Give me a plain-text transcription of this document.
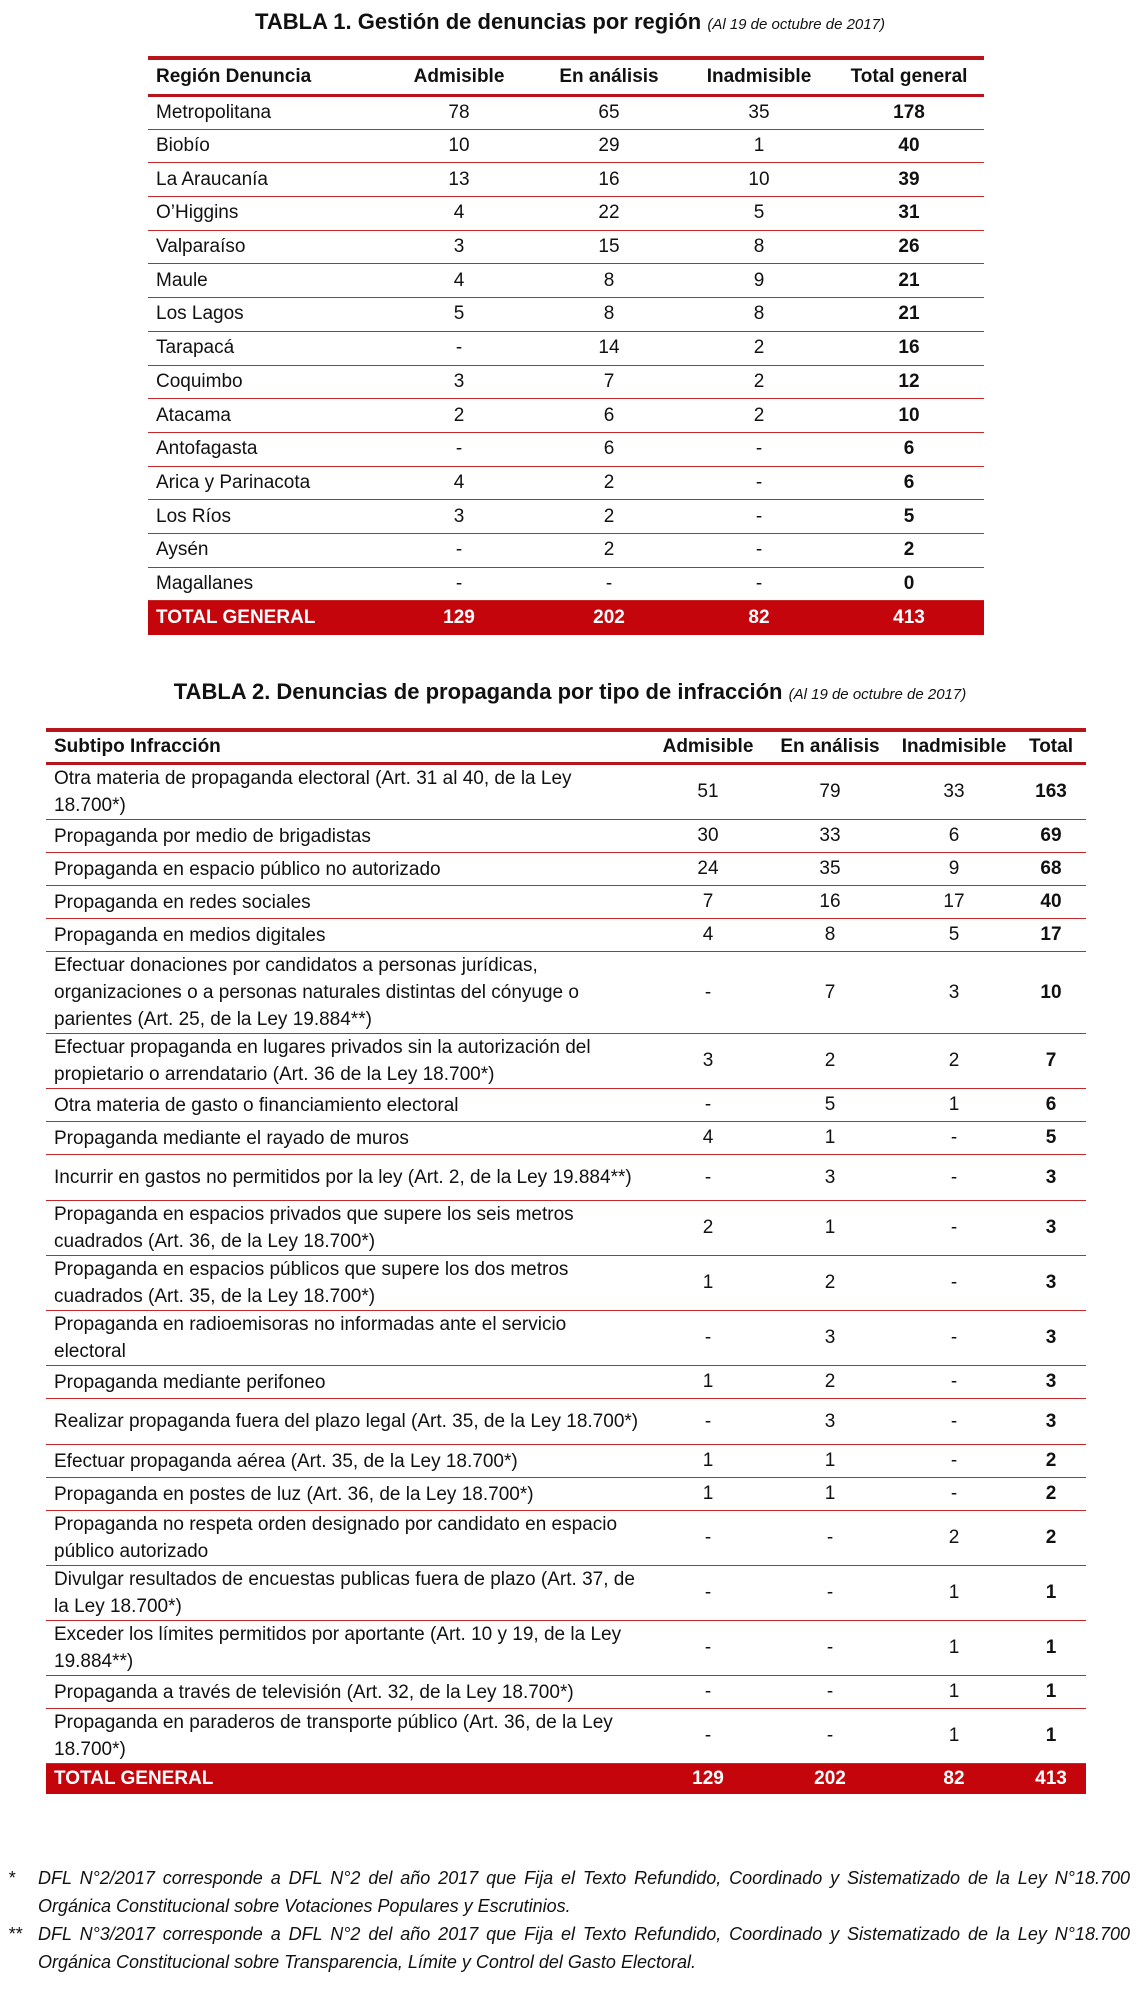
TABLA 1. Gestión de denuncias por región (Al 19 de octubre de 2017)
Región Denuncia	Admisible	En análisis	Inadmisible	Total general
Metropolitana	78	65	35	178
Biobío	10	29	1	40
La Araucanía	13	16	10	39
O’Higgins	4	22	5	31
Valparaíso	3	15	8	26
Maule	4	8	9	21
Los Lagos	5	8	8	21
Tarapacá	-	14	2	16
Coquimbo	3	7	2	12
Atacama	2	6	2	10
Antofagasta	-	6	-	6
Arica y Parinacota	4	2	-	6
Los Ríos	3	2	-	5
Aysén	-	2	-	2
Magallanes	-	-	-	0
TOTAL GENERAL	129	202	82	413
TABLA 2. Denuncias de propaganda por tipo de infracción (Al 19 de octubre de 2017)
Subtipo Infracción	Admisible	En análisis	Inadmisible	Total
Otra materia de propaganda electoral (Art. 31 al 40, de la Ley 18.700*)	51	79	33	163
Propaganda por medio de brigadistas	30	33	6	69
Propaganda en espacio público no autorizado	24	35	9	68
Propaganda en redes sociales	7	16	17	40
Propaganda en medios digitales	4	8	5	17
Efectuar donaciones por candidatos a personas jurídicas, organizaciones o a personas naturales distintas del cónyuge o parientes (Art. 25, de la Ley 19.884**)	-	7	3	10
Efectuar propaganda en lugares privados sin la autorización del propietario o arrendatario (Art. 36 de la Ley 18.700*)	3	2	2	7
Otra materia de gasto o financiamiento electoral	-	5	1	6
Propaganda mediante el rayado de muros	4	1	-	5
Incurrir en gastos no permitidos por la ley (Art. 2, de la Ley 19.884**)	-	3	-	3
Propaganda en espacios privados que supere los seis metros cuadrados (Art. 36, de la Ley 18.700*)	2	1	-	3
Propaganda en espacios públicos que supere los dos metros cuadrados (Art. 35, de la Ley 18.700*)	1	2	-	3
Propaganda en radioemisoras no informadas ante el servicio electoral	-	3	-	3
Propaganda mediante perifoneo	1	2	-	3
Realizar propaganda fuera del plazo legal (Art. 35, de la Ley 18.700*)	-	3	-	3
Efectuar propaganda aérea (Art. 35, de la Ley 18.700*)	1	1	-	2
Propaganda en postes de luz (Art. 36, de la Ley 18.700*)	1	1	-	2
Propaganda no respeta orden designado por candidato en espacio público autorizado	-	-	2	2
Divulgar resultados de encuestas publicas fuera de plazo (Art. 37, de la Ley 18.700*)	-	-	1	1
Exceder los límites permitidos por aportante (Art. 10 y 19, de la Ley 19.884**)	-	-	1	1
Propaganda a través de televisión (Art. 32, de la Ley 18.700*)	-	-	1	1
Propaganda en paraderos de transporte público (Art. 36, de la Ley 18.700*)	-	-	1	1
TOTAL GENERAL	129	202	82	413
*	DFL N°2/2017 corresponde a DFL N°2 del año 2017 que Fija el Texto Refundido, Coordinado y Sistematizado de la Ley N°18.700 Orgánica Constitucional sobre Votaciones Populares y Escrutinios.
** DFL N°3/2017 corresponde a DFL N°2 del año 2017 que Fija el Texto Refundido, Coordinado y Sistematizado de la Ley N°18.700 Orgánica Constitucional sobre Transparencia, Límite y Control del Gasto Electoral.
